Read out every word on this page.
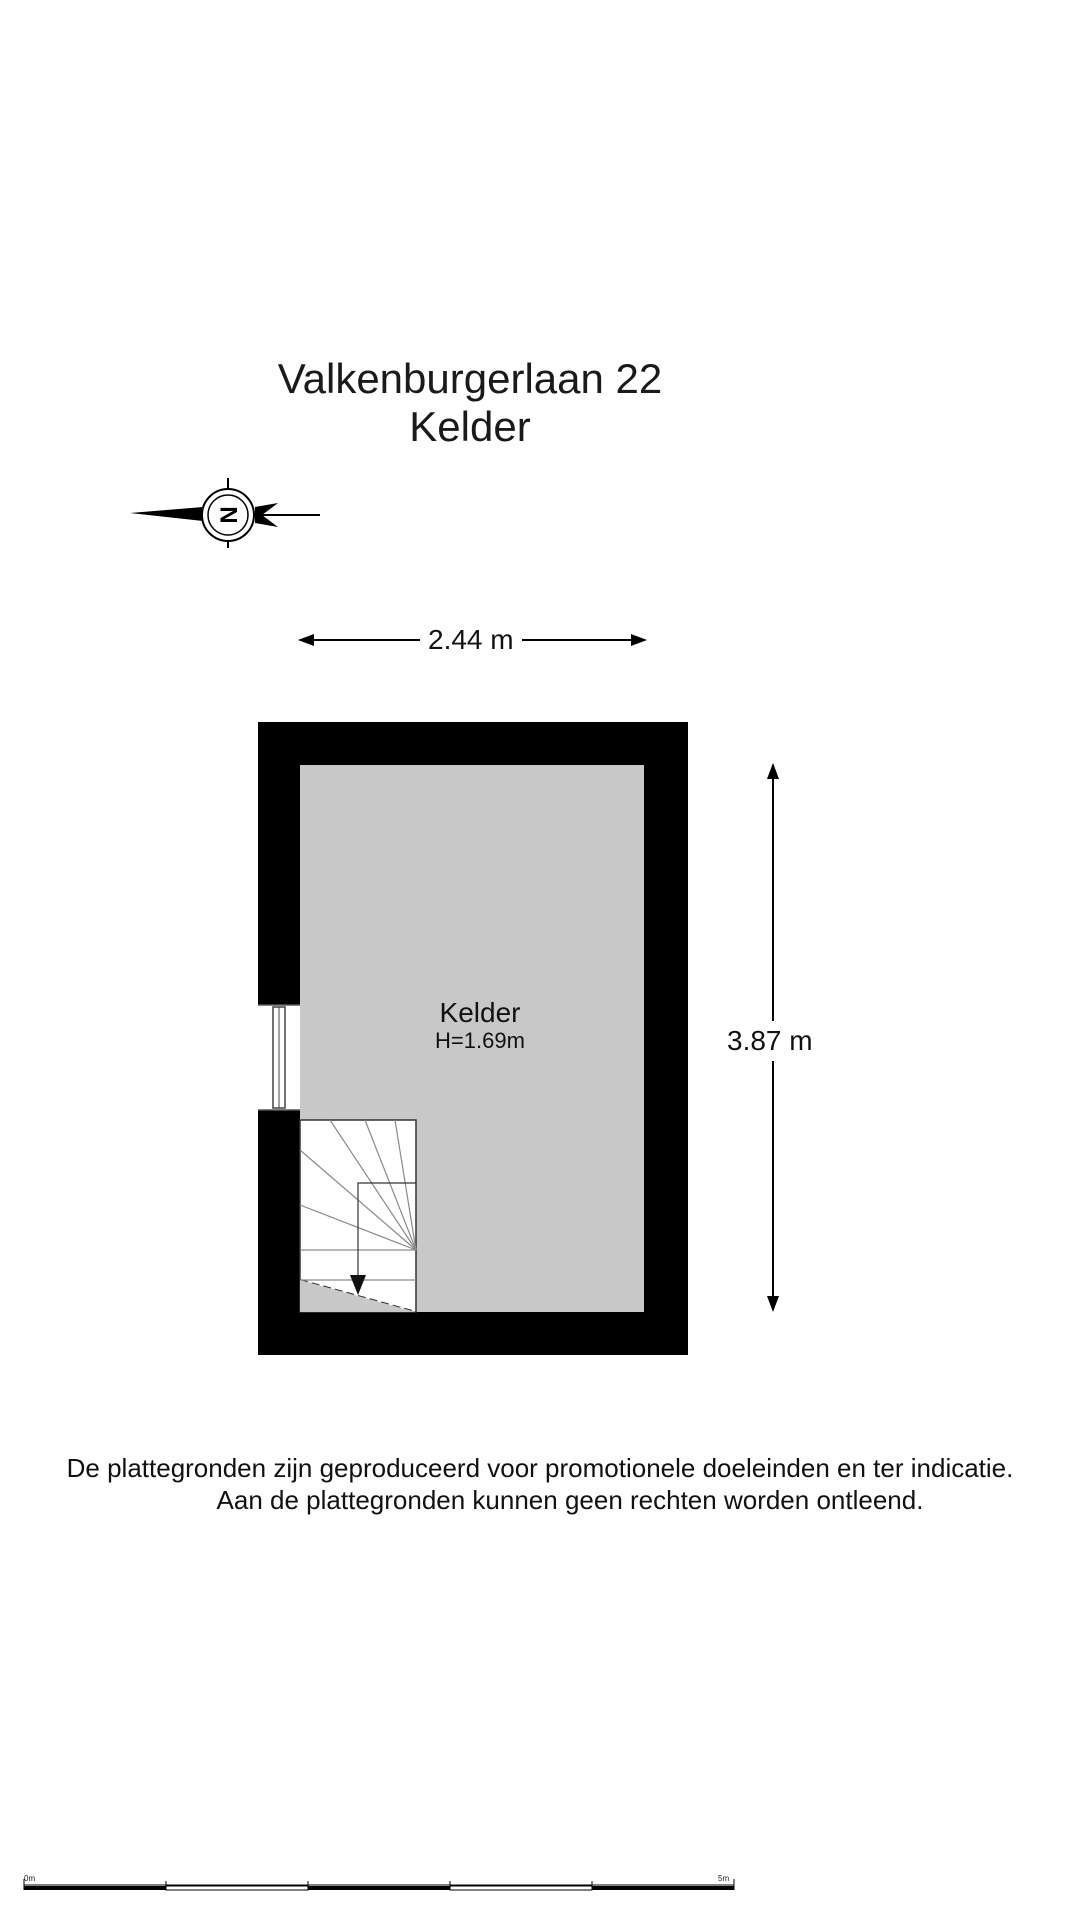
Valkenburgerlaan 22
Kelder
N
2.44 m
3.87 m
Kelder
H=1.69m
De plattegronden zijn geproduceerd voor promotionele doeleinden en ter indicatie.
Aan de plattegronden kunnen geen rechten worden ontleend.
0m	5m
